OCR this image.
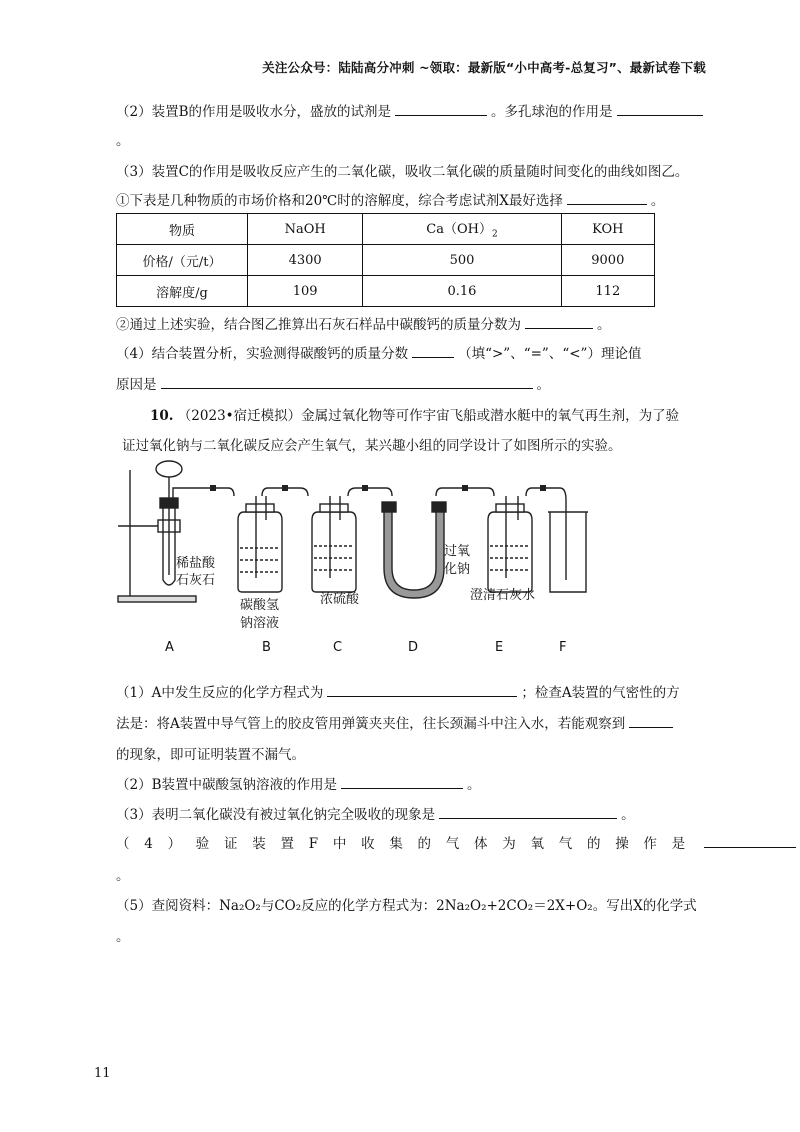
关注公众号：陆陆高分冲刺 ~领取：最新版“小中高考-总复习”、最新试卷下载
（2）装置B的作用是吸收水分，盛放的试剂是	。多孔球泡的作用是
。
（3）装置C的作用是吸收反应产生的二氧化碳，吸收二氧化碳的质量随时间变化的曲线如图乙。
①下表是几种物质的市场价格和20℃时的溶解度，综合考虑试剂X最好选择	。
物质	NaOH	$Ca(OH)_2$	KOH
价格/（元/t）	4300	500	9000
溶解度/g	109	0.16	112
②通过上述实验，结合图乙推算出石灰石样品中碳酸钙的质量分数为	。
（4）结合装置分析，实验测得碳酸钙的质量分数	（填“>”、“=”、“<”）理论值
原因是	。
10. （2023•宿迁模拟）金属过氧化物等可作宇宙飞船或潜水艇中的氧气再生剂，为了验
证过氧化钠与二氧化碳反应会产生氧气，某兴趣小组的同学设计了如图所示的实验。
稀盐酸
石灰石
碳酸氢
钠溶液
浓硫酸
过氧
化钠
澄清石灰水
A	B	C	D	E	F
（1）A中发生反应的化学方程式为	；检查A装置的气密性的方
法是：将A装置中导气管上的胶皮管用弹簧夹夹住，往长颈漏斗中注入水，若能观察到
的现象，即可证明装置不漏气。
（2）B装置中碳酸氢钠溶液的作用是	。
（3）表明二氧化碳没有被过氧化钠完全吸收的现象是	。
（ 4 ） 验 证 装 置 F 中 收 集 的 气 体 为 氧 气 的 操 作 是
。
（5）查阅资料：Na₂O₂与CO₂反应的化学方程式为：2Na₂O₂+2CO₂＝2X+O₂。写出X的化学式
。
11
